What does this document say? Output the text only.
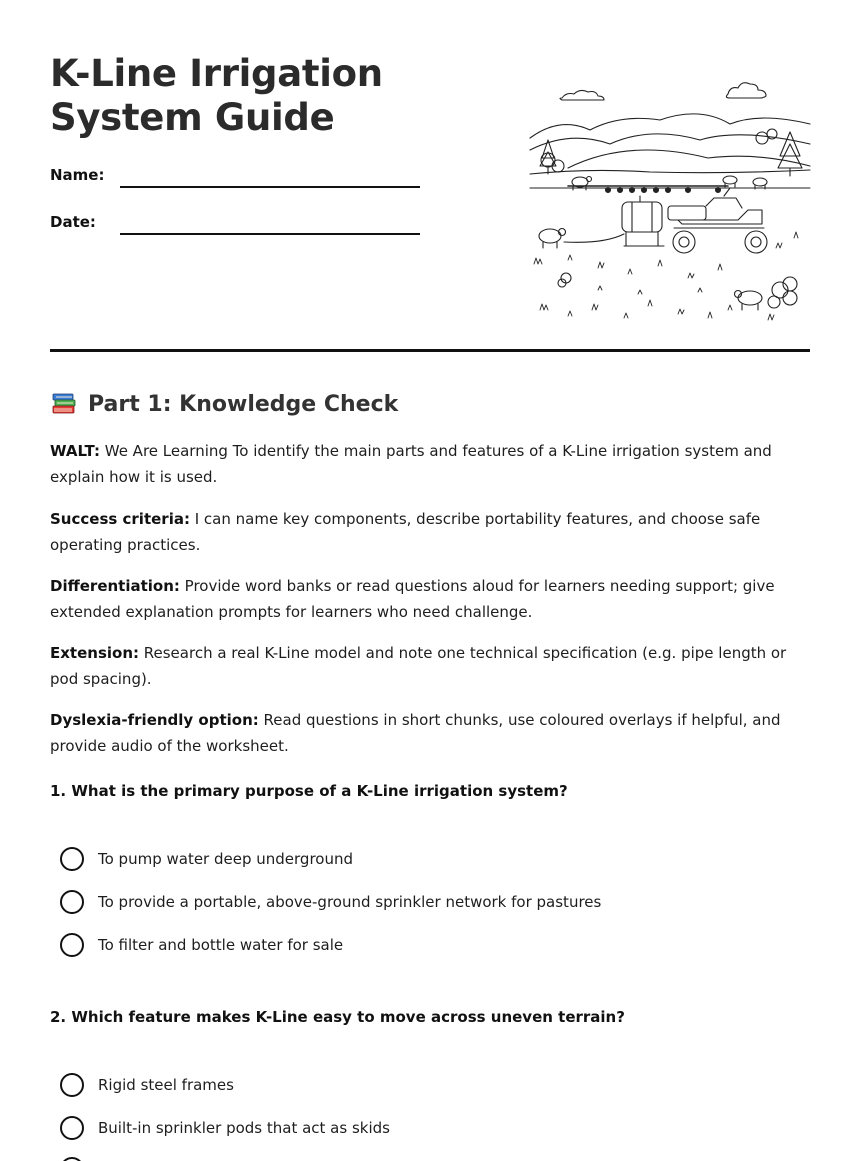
K-Line Irrigation System Guide
Name:
Date:
Part 1: Knowledge Check

WALT: We Are Learning To identify the main parts and features of a K-Line irrigation system and explain how it is used.

Success criteria: I can name key components, describe portability features, and choose safe operating practices.

Differentiation: Provide word banks or read questions aloud for learners needing support; give extended explanation prompts for learners who need challenge.

Extension: Research a real K-Line model and note one technical specification (e.g. pipe length or pod spacing).

Dyslexia-friendly option: Read questions in short chunks, use coloured overlays if helpful, and provide audio of the worksheet.

1. What is the primary purpose of a K-Line irrigation system?

To pump water deep underground
To provide a portable, above-ground sprinkler network for pastures
To filter and bottle water for sale

2. Which feature makes K-Line easy to move across uneven terrain?

Rigid steel frames
Built-in sprinkler pods that act as skids
